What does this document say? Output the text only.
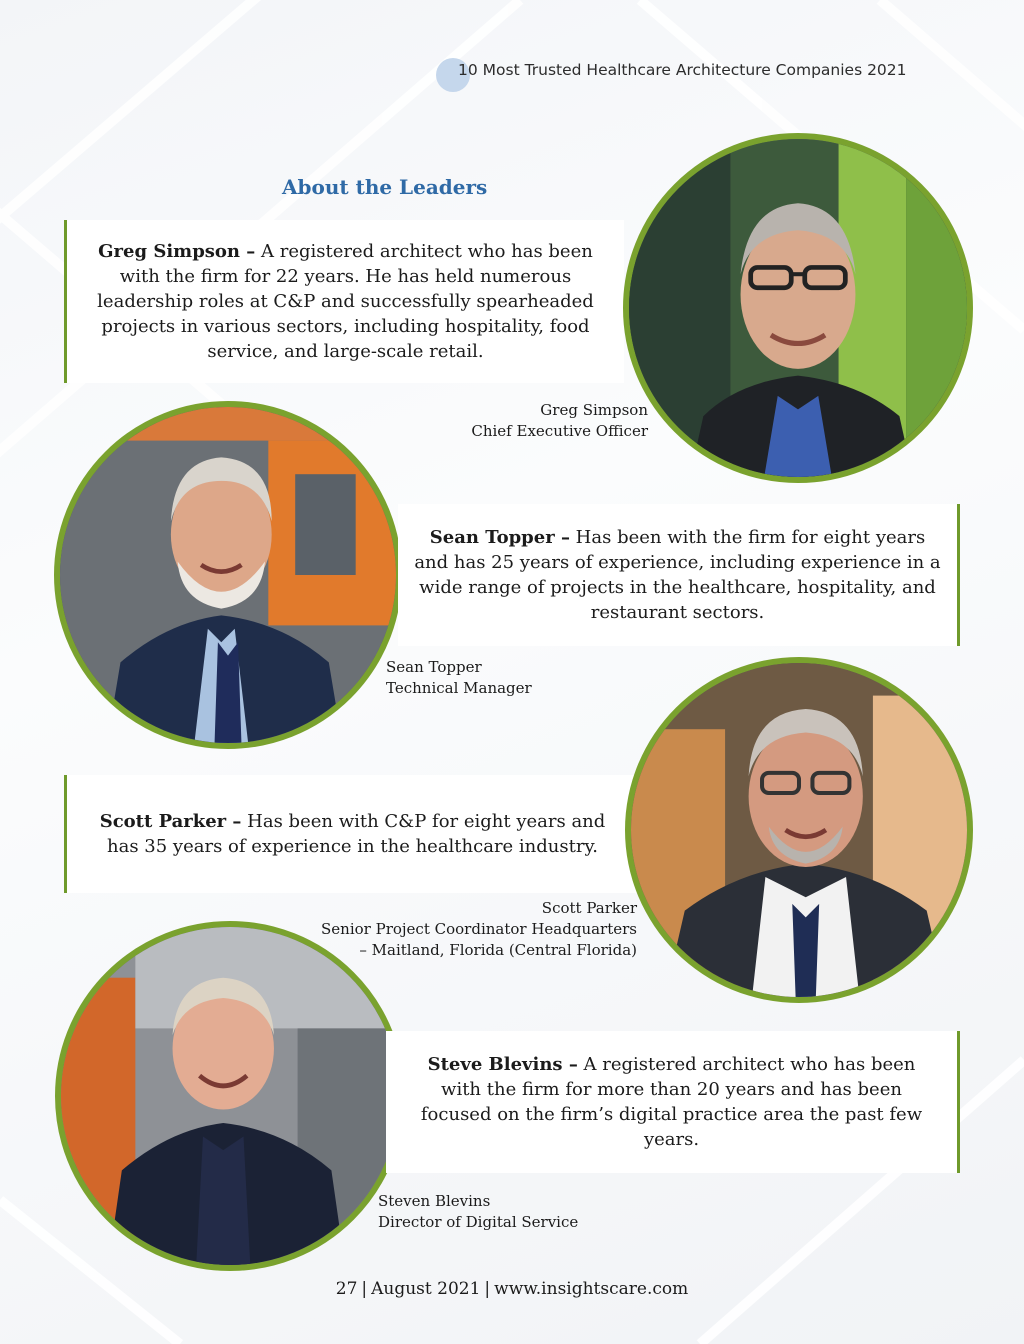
10 Most Trusted Healthcare Architecture Companies 2021
About the Leaders

Greg Simpson – A registered architect who has been with the firm for 22 years. He has held numerous leadership roles at C&P and successfully spearheaded projects in various sectors, including hospitality, food service, and large-scale retail.

Greg Simpson
Chief Executive Officer

Sean Topper – Has been with the firm for eight years and has 25 years of experience, including experience in a wide range of projects in the healthcare, hospitality, and restaurant sectors.

Sean Topper
Technical Manager

Scott Parker – Has been with C&P for eight years and has 35 years of experience in the healthcare industry.

Scott Parker
Senior Project Coordinator Headquarters
– Maitland, Florida (Central Florida)

Steve Blevins – A registered architect who has been with the firm for more than 20 years and has been focused on the firm’s digital practice area the past few years.

Steven Blevins
Director of Digital Service
27 | August 2021 | www.insightscare.com
